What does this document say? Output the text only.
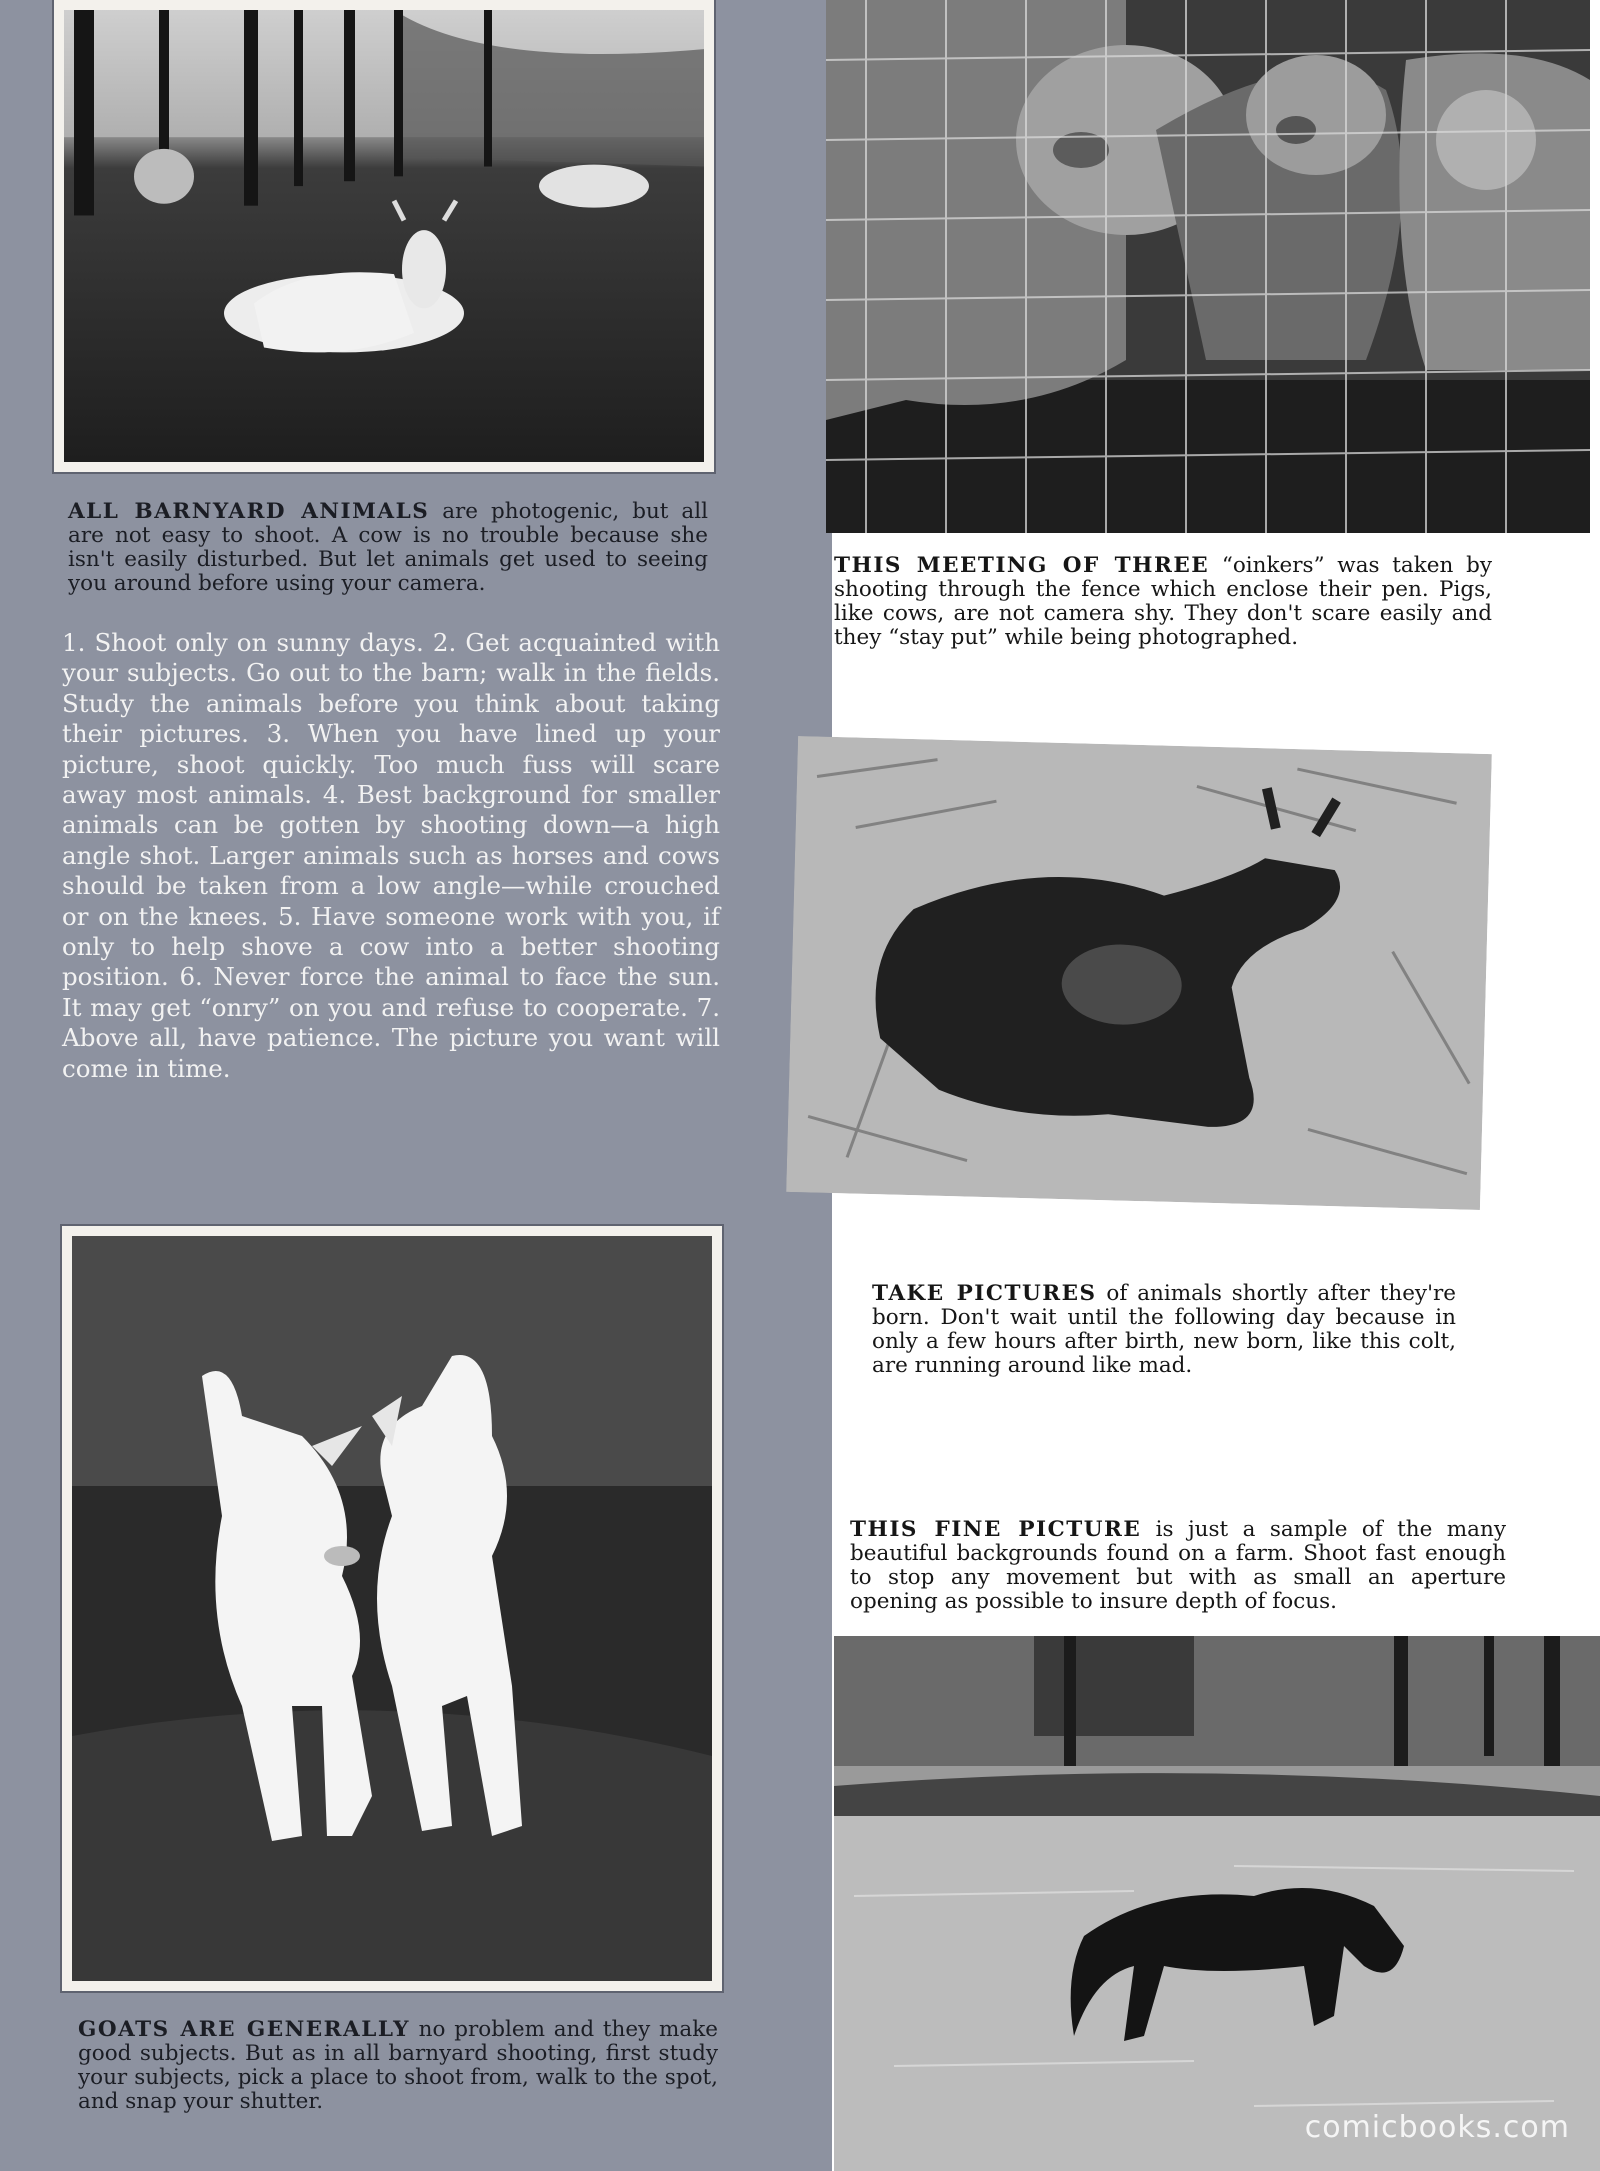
ALL BARNYARD ANIMALS are photogenic, but all are not easy to shoot. A cow is no trouble because she isn't easily disturbed. But let animals get used to seeing you around before using your camera.
1. Shoot only on sunny days. 2. Get acquainted with your subjects. Go out to the barn; walk in the fields. Study the animals before you think about taking their pictures. 3. When you have lined up your picture, shoot quickly. Too much fuss will scare away most animals. 4. Best background for smaller animals can be gotten by shooting down—a high angle shot. Larger animals such as horses and cows should be taken from a low angle—while crouched or on the knees. 5. Have someone work with you, if only to help shove a cow into a better shooting position. 6. Never force the animal to face the sun. It may get “onry” on you and refuse to cooperate. 7. Above all, have patience. The picture you want will come in time.
GOATS ARE GENERALLY no problem and they make good subjects. But as in all barnyard shooting, first study your subjects, pick a place to shoot from, walk to the spot, and snap your shutter.
THIS MEETING OF THREE “oinkers” was taken by shooting through the fence which enclose their pen. Pigs, like cows, are not camera shy. They don't scare easily and they “stay put” while being photographed.
TAKE PICTURES of animals shortly after they're born. Don't wait until the following day because in only a few hours after birth, new born, like this colt, are running around like mad.
THIS FINE PICTURE is just a sample of the many beautiful backgrounds found on a farm. Shoot fast enough to stop any movement but with as small an aperture opening as possible to insure depth of focus.
comicbooks.com
